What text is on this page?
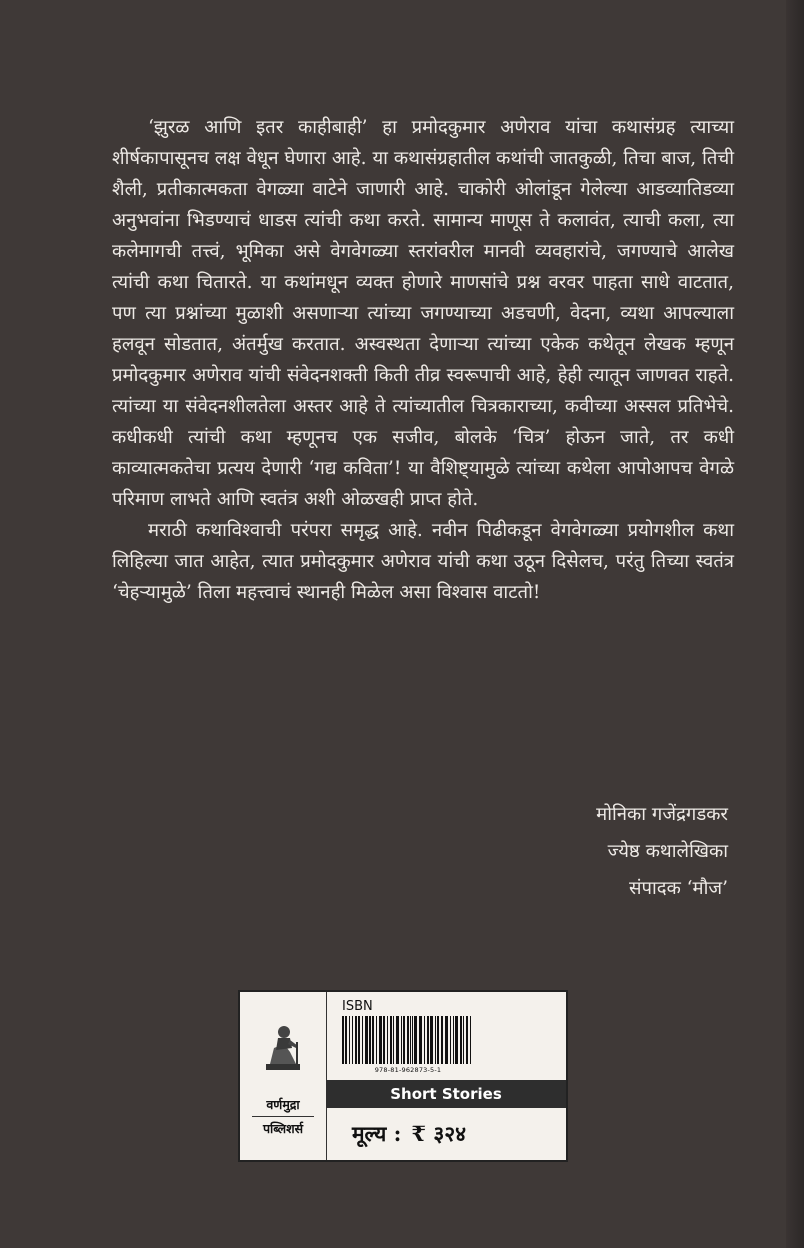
‘झुरळ आणि इतर काहीबाही’ हा प्रमोदकुमार अणेराव यांचा कथासंग्रह त्याच्या शीर्षकापासूनच लक्ष वेधून घेणारा आहे. या कथासंग्रहातील कथांची जातकुळी, तिचा बाज, तिची शैली, प्रतीकात्मकता वेगळ्या वाटेने जाणारी आहे. चाकोरी ओलांडून गेलेल्या आडव्यातिडव्या अनुभवांना भिडण्याचं धाडस त्यांची कथा करते. सामान्य माणूस ते कलावंत, त्याची कला, त्या कलेमागची तत्त्वं, भूमिका असे वेगवेगळ्या स्तरांवरील मानवी व्यवहारांचे, जगण्याचे आलेख त्यांची कथा चितारते. या कथांमधून व्यक्त होणारे माणसांचे प्रश्न वरवर पाहता साधे वाटतात, पण त्या प्रश्नांच्या मुळाशी असणाऱ्या त्यांच्या जगण्याच्या अडचणी, वेदना, व्यथा आपल्याला हलवून सोडतात, अंतर्मुख करतात. अस्वस्थता देणाऱ्या त्यांच्या एकेक कथेतून लेखक म्हणून प्रमोदकुमार अणेराव यांची संवेदनशक्ती किती तीव्र स्वरूपाची आहे, हेही त्यातून जाणवत राहते. त्यांच्या या संवेदनशीलतेला अस्तर आहे ते त्यांच्यातील चित्रकाराच्या, कवीच्या अस्सल प्रतिभेचे. कधीकधी त्यांची कथा म्हणूनच एक सजीव, बोलके ‘चित्र’ होऊन जाते, तर कधी काव्यात्मकतेचा प्रत्यय देणारी ‘गद्य कविता’! या वैशिष्ट्यामुळे त्यांच्या कथेला आपोआपच वेगळे परिमाण लाभते आणि स्वतंत्र अशी ओळखही प्राप्त होते.

मराठी कथाविश्वाची परंपरा समृद्ध आहे. नवीन पिढीकडून वेगवेगळ्या प्रयोगशील कथा लिहिल्या जात आहेत, त्यात प्रमोदकुमार अणेराव यांची कथा उठून दिसेलच, परंतु तिच्या स्वतंत्र ‘चेहऱ्यामुळे’ तिला महत्त्वाचं स्थानही मिळेल असा विश्वास वाटतो!

मोनिका गजेंद्रगडकर
ज्येष्ठ कथालेखिका
संपादक ‘मौज’
वर्णमुद्रा
पब्लिशर्स
ISBN
978-81-962873-5-1
Short Stories
मूल्य : ₹ ३२४
